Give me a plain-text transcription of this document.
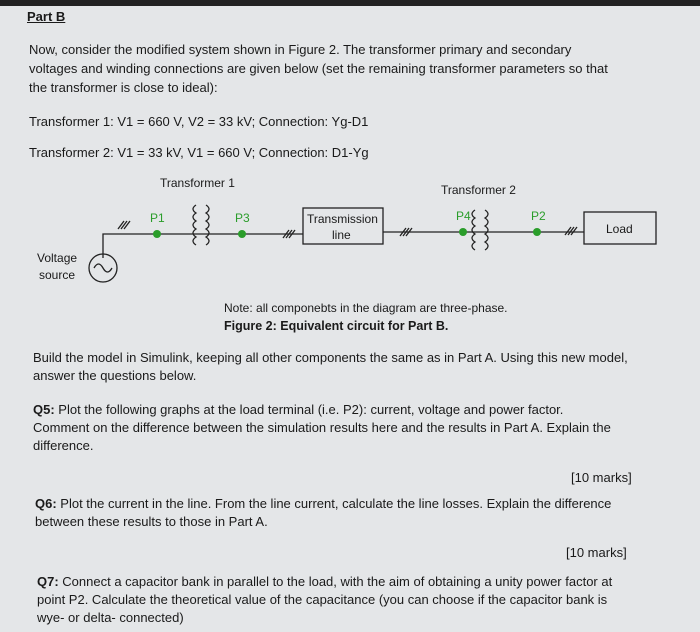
Part B
Now, consider the modified system shown in Figure 2. The transformer primary and secondary
voltages and winding connections are given below (set the remaining transformer parameters so that
the transformer is close to ideal):
Transformer 1: V1 = 660 V, V2 = 33 kV; Connection: Yg-D1
Transformer 2: V1 = 33 kV, V1 = 660 V; Connection: D1-Yg
Transformer 1	Transformer 2
P1	P3	P4	P2
Transmission
line	Load
Voltage
source
Note: all componebts in the diagram are three-phase.
Figure 2: Equivalent circuit for Part B.
Build the model in Simulink, keeping all other components the same as in Part A. Using this new model,
answer the questions below.
Q5: Plot the following graphs at the load terminal (i.e. P2): current, voltage and power factor.
Comment on the difference between the simulation results here and the results in Part A. Explain the
difference.
[10 marks]
Q6: Plot the current in the line. From the line current, calculate the line losses. Explain the difference
between these results to those in Part A.
[10 marks]
Q7: Connect a capacitor bank in parallel to the load, with the aim of obtaining a unity power factor at
point P2. Calculate the theoretical value of the capacitance (you can choose if the capacitor bank is
wye- or delta- connected)
